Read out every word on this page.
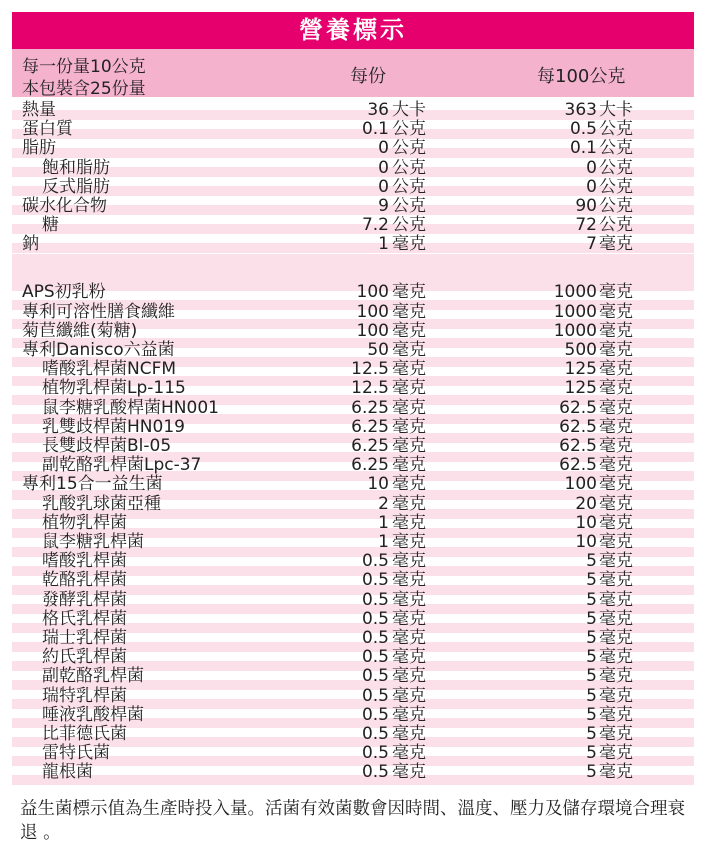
營養標示
每一份量10公克
本包裝含25份量
每份	每100公克
熱量	36 大卡	363 大卡
蛋白質	0.1 公克	0.5 公克
脂肪	0 公克	0.1 公克
飽和脂肪	0 公克	0 公克
反式脂肪	0 公克	0 公克
碳水化合物	9 公克	90 公克
糖	7.2 公克	72 公克
鈉	1 毫克	7 毫克
APS初乳粉	100 毫克	1000 毫克
專利可溶性膳食纖維	100 毫克	1000 毫克
菊苣纖維(菊糖)	100 毫克	1000 毫克
專利Danisco六益菌	50 毫克	500 毫克
嗜酸乳桿菌NCFM	12.5 毫克	125 毫克
植物乳桿菌Lp-115	12.5 毫克	125 毫克
鼠李糖乳酸桿菌HN001	6.25 毫克	62.5 毫克
乳雙歧桿菌HN019	6.25 毫克	62.5 毫克
長雙歧桿菌Bl-05	6.25 毫克	62.5 毫克
副乾酪乳桿菌Lpc-37	6.25 毫克	62.5 毫克
專利15合一益生菌	10 毫克	100 毫克
乳酸乳球菌亞種	2 毫克	20 毫克
植物乳桿菌	1 毫克	10 毫克
鼠李糖乳桿菌	1 毫克	10 毫克
嗜酸乳桿菌	0.5 毫克	5 毫克
乾酪乳桿菌	0.5 毫克	5 毫克
發酵乳桿菌	0.5 毫克	5 毫克
格氏乳桿菌	0.5 毫克	5 毫克
瑞士乳桿菌	0.5 毫克	5 毫克
約氏乳桿菌	0.5 毫克	5 毫克
副乾酪乳桿菌	0.5 毫克	5 毫克
瑞特乳桿菌	0.5 毫克	5 毫克
唾液乳酸桿菌	0.5 毫克	5 毫克
比菲德氏菌	0.5 毫克	5 毫克
雷特氏菌	0.5 毫克	5 毫克
龍根菌	0.5 毫克	5 毫克
益生菌標示值為生產時投入量。活菌有效菌數會因時間、溫度、壓力及儲存環境合理衰退 。
